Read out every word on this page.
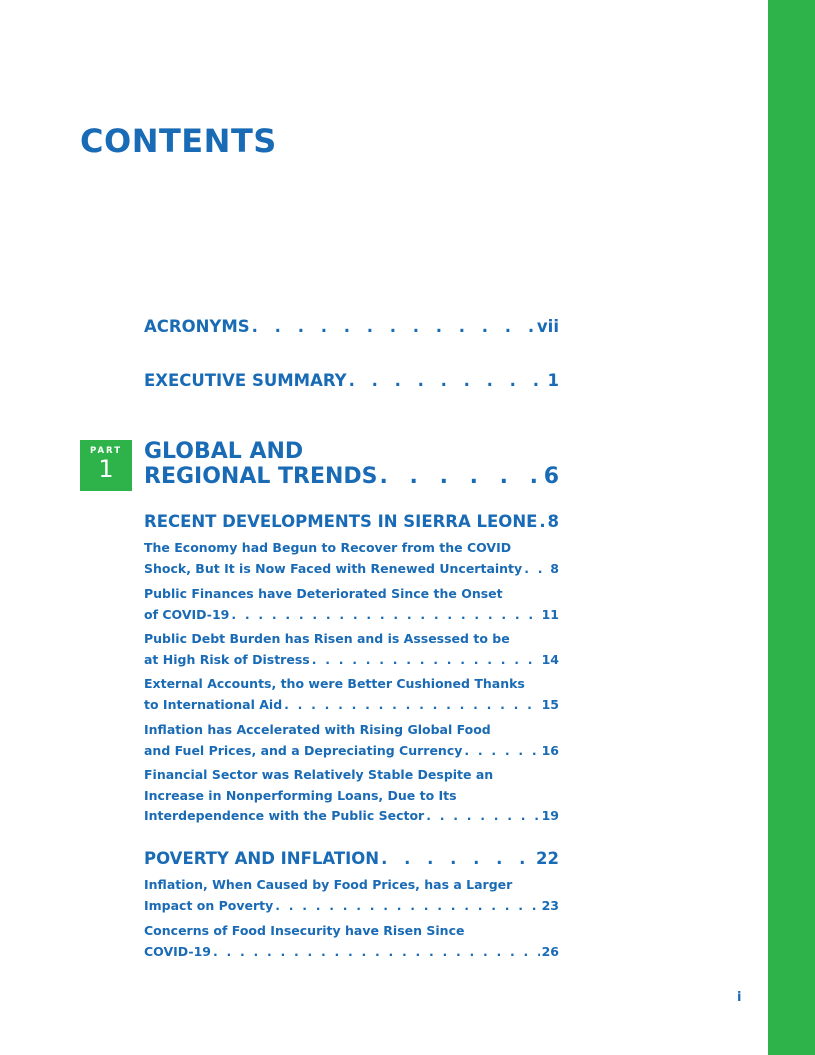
CONTENTS
ACRONYMS . . .	vii
EXECUTIVE SUMMARY . . .	1
PART
1
GLOBAL AND
REGIONAL TRENDS . . .	6
RECENT DEVELOPMENTS IN SIERRA LEONE . . . 8
The Economy had Begun to Recover from the COVID
Shock, But It is Now Faced with Renewed Uncertainty . . . 8
Public Finances have Deteriorated Since the Onset
of COVID-19 . . .	11
Public Debt Burden has Risen and is Assessed to be
at High Risk of Distress . . .	14
External Accounts, tho were Better Cushioned Thanks
to International Aid . . .	15
Inflation has Accelerated with Rising Global Food
and Fuel Prices, and a Depreciating Currency . . .	16
Financial Sector was Relatively Stable Despite an
Increase in Nonperforming Loans, Due to Its
Interdependence with the Public Sector . . .	19
POVERTY AND INFLATION . . .	22
Inflation, When Caused by Food Prices, has a Larger
Impact on Poverty . . .	23
Concerns of Food Insecurity have Risen Since
COVID-19 . . .	26
i
